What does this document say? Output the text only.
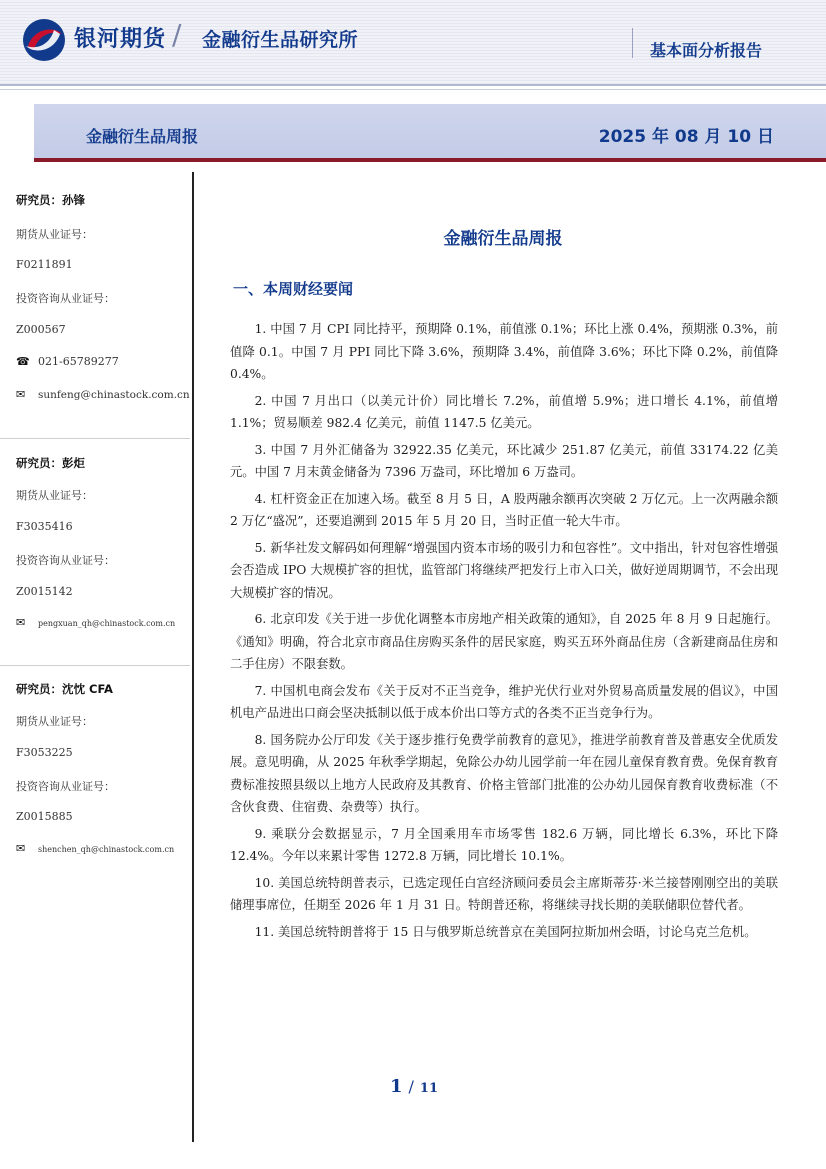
银河期货 / 金融衍生品研究所	基本面分析报告
金融衍生品周报	2025 年 08 月 10 日
研究员：孙锋
期货从业证号：
F0211891
投资咨询从业证号：
Z000567
☎ 021-65789277
✉ sunfeng@chinastock.com.cn
研究员：彭炬
期货从业证号：
F3035416
投资咨询从业证号：
Z0015142
✉ pengxuan_qh@chinastock.com.cn
研究员：沈忱 CFA
期货从业证号：
F3053225
投资咨询从业证号：
Z0015885
✉ shenchen_qh@chinastock.com.cn
金融衍生品周报
一、本周财经要闻

1. 中国 7 月 CPI 同比持平，预期降 0.1%，前值涨 0.1%；环比上涨 0.4%，预期涨 0.3%，前值降 0.1。中国 7 月 PPI 同比下降 3.6%，预期降 3.4%，前值降 3.6%；环比下降 0.2%，前值降 0.4%。

2. 中国 7 月出口（以美元计价）同比增长 7.2%，前值增 5.9%；进口增长 4.1%，前值增 1.1%；贸易顺差 982.4 亿美元，前值 1147.5 亿美元。

3. 中国 7 月外汇储备为 32922.35 亿美元，环比减少 251.87 亿美元，前值 33174.22 亿美元。中国 7 月末黄金储备为 7396 万盎司，环比增加 6 万盎司。

4. 杠杆资金正在加速入场。截至 8 月 5 日，A 股两融余额再次突破 2 万亿元。上一次两融余额 2 万亿“盛况”，还要追溯到 2015 年 5 月 20 日，当时正值一轮大牛市。

5. 新华社发文解码如何理解“增强国内资本市场的吸引力和包容性”。文中指出，针对包容性增强会否造成 IPO 大规模扩容的担忧，监管部门将继续严把发行上市入口关，做好逆周期调节，不会出现大规模扩容的情况。

6. 北京印发《关于进一步优化调整本市房地产相关政策的通知》，自 2025 年 8 月 9 日起施行。《通知》明确，符合北京市商品住房购买条件的居民家庭，购买五环外商品住房（含新建商品住房和二手住房）不限套数。

7. 中国机电商会发布《关于反对不正当竞争，维护光伏行业对外贸易高质量发展的倡议》，中国机电产品进出口商会坚决抵制以低于成本价出口等方式的各类不正当竞争行为。

8. 国务院办公厅印发《关于逐步推行免费学前教育的意见》，推进学前教育普及普惠安全优质发展。意见明确，从 2025 年秋季学期起，免除公办幼儿园学前一年在园儿童保育教育费。免保育教育费标准按照县级以上地方人民政府及其教育、价格主管部门批准的公办幼儿园保育教育收费标准（不含伙食费、住宿费、杂费等）执行。

9. 乘联分会数据显示，7 月全国乘用车市场零售 182.6 万辆，同比增长 6.3%，环比下降 12.4%。今年以来累计零售 1272.8 万辆，同比增长 10.1%。

10. 美国总统特朗普表示，已选定现任白宫经济顾问委员会主席斯蒂芬·米兰接替刚刚空出的美联储理事席位，任期至 2026 年 1 月 31 日。特朗普还称，将继续寻找长期的美联储职位替代者。

11. 美国总统特朗普将于 15 日与俄罗斯总统普京在美国阿拉斯加州会晤，讨论乌克兰危机。

1 / 11
